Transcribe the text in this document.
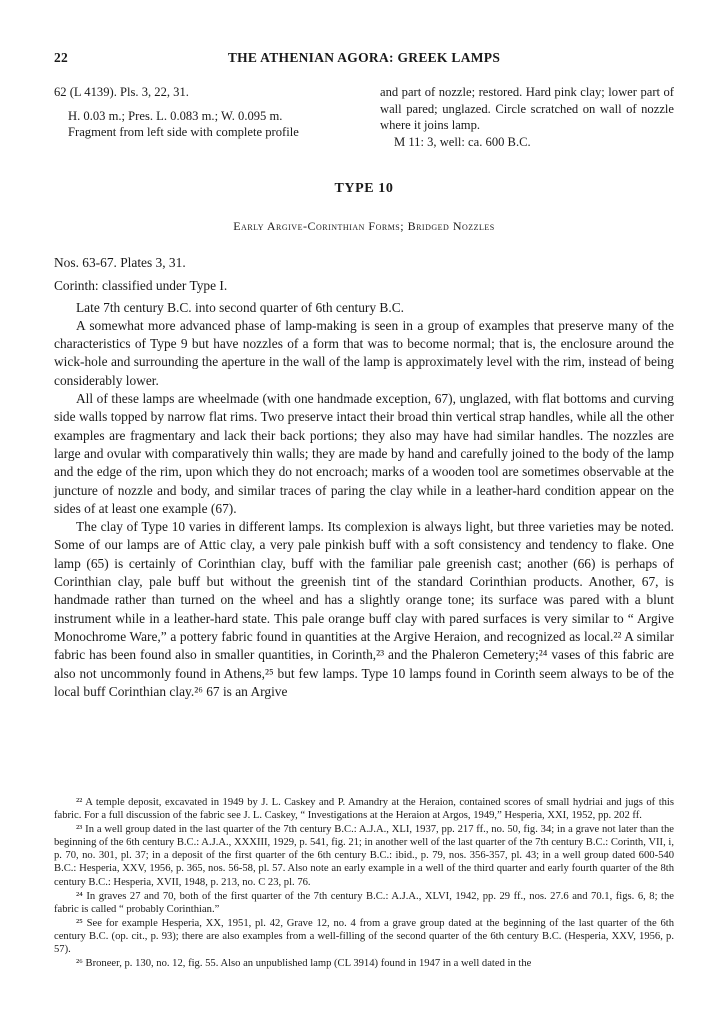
22	THE ATHENIAN AGORA: GREEK LAMPS

62 (L 4139). Pls. 3, 22, 31.

H. 0.03 m.; Pres. L. 0.083 m.; W. 0.095 m.

Fragment from left side with complete profile

and part of nozzle; restored. Hard pink clay; lower part of wall pared; unglazed. Circle scratched on wall of nozzle where it joins lamp.

M 11: 3, well: ca. 600 B.C.

TYPE 10
Early Argive-Corinthian Forms; Bridged Nozzles

Nos. 63-67. Plates 3, 31.

Corinth: classified under Type I.

Late 7th century B.C. into second quarter of 6th century B.C.

A somewhat more advanced phase of lamp-making is seen in a group of examples that preserve many of the characteristics of Type 9 but have nozzles of a form that was to become normal; that is, the enclosure around the wick-hole and surrounding the aperture in the wall of the lamp is approximately level with the rim, instead of being considerably lower.

All of these lamps are wheelmade (with one handmade exception, 67), unglazed, with flat bottoms and curving side walls topped by narrow flat rims. Two preserve intact their broad thin vertical strap handles, while all the other examples are fragmentary and lack their back portions; they also may have had similar handles. The nozzles are large and ovular with comparatively thin walls; they are made by hand and carefully joined to the body of the lamp and the edge of the rim, upon which they do not encroach; marks of a wooden tool are sometimes observable at the juncture of nozzle and body, and similar traces of paring the clay while in a leather-hard condition appear on the sides of at least one example (67).

The clay of Type 10 varies in different lamps. Its complexion is always light, but three varieties may be noted. Some of our lamps are of Attic clay, a very pale pinkish buff with a soft consistency and tendency to flake. One lamp (65) is certainly of Corinthian clay, buff with the familiar pale greenish cast; another (66) is perhaps of Corinthian clay, pale buff but without the greenish tint of the standard Corinthian products. Another, 67, is handmade rather than turned on the wheel and has a slightly orange tone; its surface was pared with a blunt instrument while in a leather-hard state. This pale orange buff clay with pared surfaces is very similar to “ Argive Monochrome Ware,” a pottery fabric found in quantities at the Argive Heraion, and recognized as local.²² A similar fabric has been found also in smaller quantities, in Corinth,²³ and the Phaleron Cemetery;²⁴ vases of this fabric are also not uncommonly found in Athens,²⁵ but few lamps. Type 10 lamps found in Corinth seem always to be of the local buff Corinthian clay.²⁶ 67 is an Argive

²² A temple deposit, excavated in 1949 by J. L. Caskey and P. Amandry at the Heraion, contained scores of small hydriai and jugs of this fabric. For a full discussion of the fabric see J. L. Caskey, “ Investigations at the Heraion at Argos, 1949,” Hesperia, XXI, 1952, pp. 202 ff.

²³ In a well group dated in the last quarter of the 7th century B.C.: A.J.A., XLI, 1937, pp. 217 ff., no. 50, fig. 34; in a grave not later than the beginning of the 6th century B.C.: A.J.A., XXXIII, 1929, p. 541, fig. 21; in another well of the last quarter of the 7th century B.C.: Corinth, VII, i, p. 70, no. 301, pl. 37; in a deposit of the first quarter of the 6th century B.C.: ibid., p. 79, nos. 356-357, pl. 43; in a well group dated 600-540 B.C.: Hesperia, XXV, 1956, p. 365, nos. 56-58, pl. 57. Also note an early example in a well of the third quarter and early fourth quarter of the 8th century B.C.: Hesperia, XVII, 1948, p. 213, no. C 23, pl. 76.

²⁴ In graves 27 and 70, both of the first quarter of the 7th century B.C.: A.J.A., XLVI, 1942, pp. 29 ff., nos. 27.6 and 70.1, figs. 6, 8; the fabric is called “ probably Corinthian.”

²⁵ See for example Hesperia, XX, 1951, pl. 42, Grave 12, no. 4 from a grave group dated at the beginning of the last quarter of the 6th century B.C. (op. cit., p. 93); there are also examples from a well-filling of the second quarter of the 6th century B.C. (Hesperia, XXV, 1956, p. 57).

²⁶ Broneer, p. 130, no. 12, fig. 55. Also an unpublished lamp (CL 3914) found in 1947 in a well dated in the
